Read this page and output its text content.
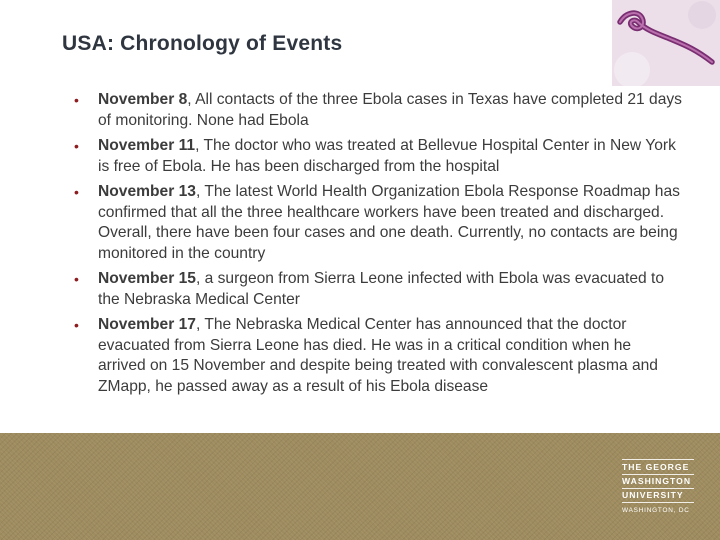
USA: Chronology of Events
• November 8, All contacts of the three Ebola cases in Texas have completed 21 days of monitoring. None had Ebola
• November 11, The doctor who was treated at Bellevue Hospital Center in New York is free of Ebola. He has been discharged from the hospital
• November 13, The latest World Health Organization Ebola Response Roadmap has confirmed that all the three healthcare workers have been treated and discharged. Overall, there have been four cases and one death. Currently, no contacts are being monitored in the country
• November 15, a surgeon from Sierra Leone infected with Ebola was evacuated to the Nebraska Medical Center
• November 17, The Nebraska Medical Center has announced that the doctor evacuated from Sierra Leone has died. He was in a critical condition when he arrived on 15 November and despite being treated with convalescent plasma and ZMapp, he passed away as a result of his Ebola disease
THE GEORGE
WASHINGTON
UNIVERSITY
WASHINGTON, DC
